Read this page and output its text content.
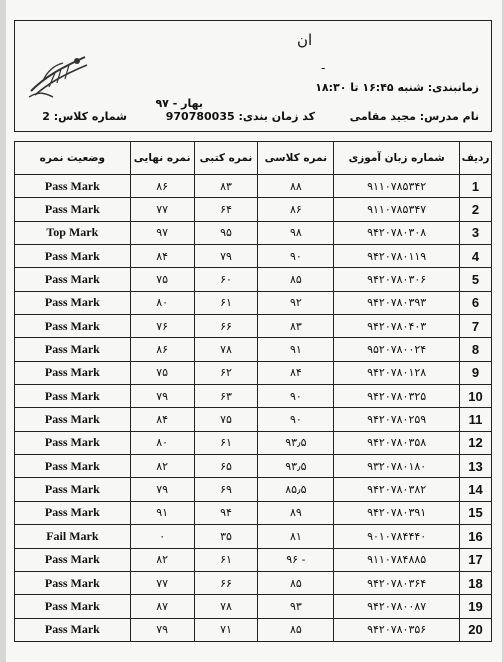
ان
-
زمانبندی: شنبه ۱۶:۴۵ تا ۱۸:۳۰
بهار - ۹۷
نام مدرس: مجید مقامی
کد زمان بندی: 970780035
شماره کلاس: 2
ردیف	شماره زبان آموزی	نمره کلاسی	نمره کتبی	نمره نهایی	وضعیت نمره
1	۹۱۱۰۷۸۵۳۴۲	۸۸	۸۳	۸۶	Pass Mark
2	۹۱۱۰۷۸۵۳۴۷	۸۶	۶۴	۷۷	Pass Mark
3	۹۴۲۰۷۸۰۳۰۸	۹۸	۹۵	۹۷	Top Mark
4	۹۴۲۰۷۸۰۱۱۹	۹۰	۷۹	۸۴	Pass Mark
5	۹۴۲۰۷۸۰۳۰۶	۸۵	۶۰	۷۵	Pass Mark
6	۹۴۲۰۷۸۰۳۹۳	۹۲	۶۱	۸۰	Pass Mark
7	۹۴۲۰۷۸۰۴۰۳	۸۳	۶۶	۷۶	Pass Mark
8	۹۵۲۰۷۸۰۰۲۴	۹۱	۷۸	۸۶	Pass Mark
9	۹۴۲۰۷۸۰۱۲۸	۸۴	۶۲	۷۵	Pass Mark
10	۹۴۲۰۷۸۰۳۲۵	۹۰	۶۳	۷۹	Pass Mark
11	۹۴۲۰۷۸۰۲۵۹	۹۰	۷۵	۸۴	Pass Mark
12	۹۴۲۰۷۸۰۳۵۸	۹۳٫۵	۶۱	۸۰	Pass Mark
13	۹۳۲۰۷۸۰۱۸۰	۹۳٫۵	۶۵	۸۲	Pass Mark
14	۹۴۲۰۷۸۰۳۸۲	۸۵٫۵	۶۹	۷۹	Pass Mark
15	۹۴۲۰۷۸۰۳۹۱	۸۹	۹۴	۹۱	Pass Mark
16	۹۰۱۰۷۸۴۴۴۰	۸۱	۳۵	۰	Fail Mark
17	۹۱۱۰۷۸۴۸۸۵	- ۹۶	۶۱	۸۲	Pass Mark
18	۹۴۲۰۷۸۰۳۶۴	۸۵	۶۶	۷۷	Pass Mark
19	۹۴۲۰۷۸۰۰۸۷	۹۳	۷۸	۸۷	Pass Mark
20	۹۴۲۰۷۸۰۳۵۶	۸۵	۷۱	۷۹	Pass Mark
